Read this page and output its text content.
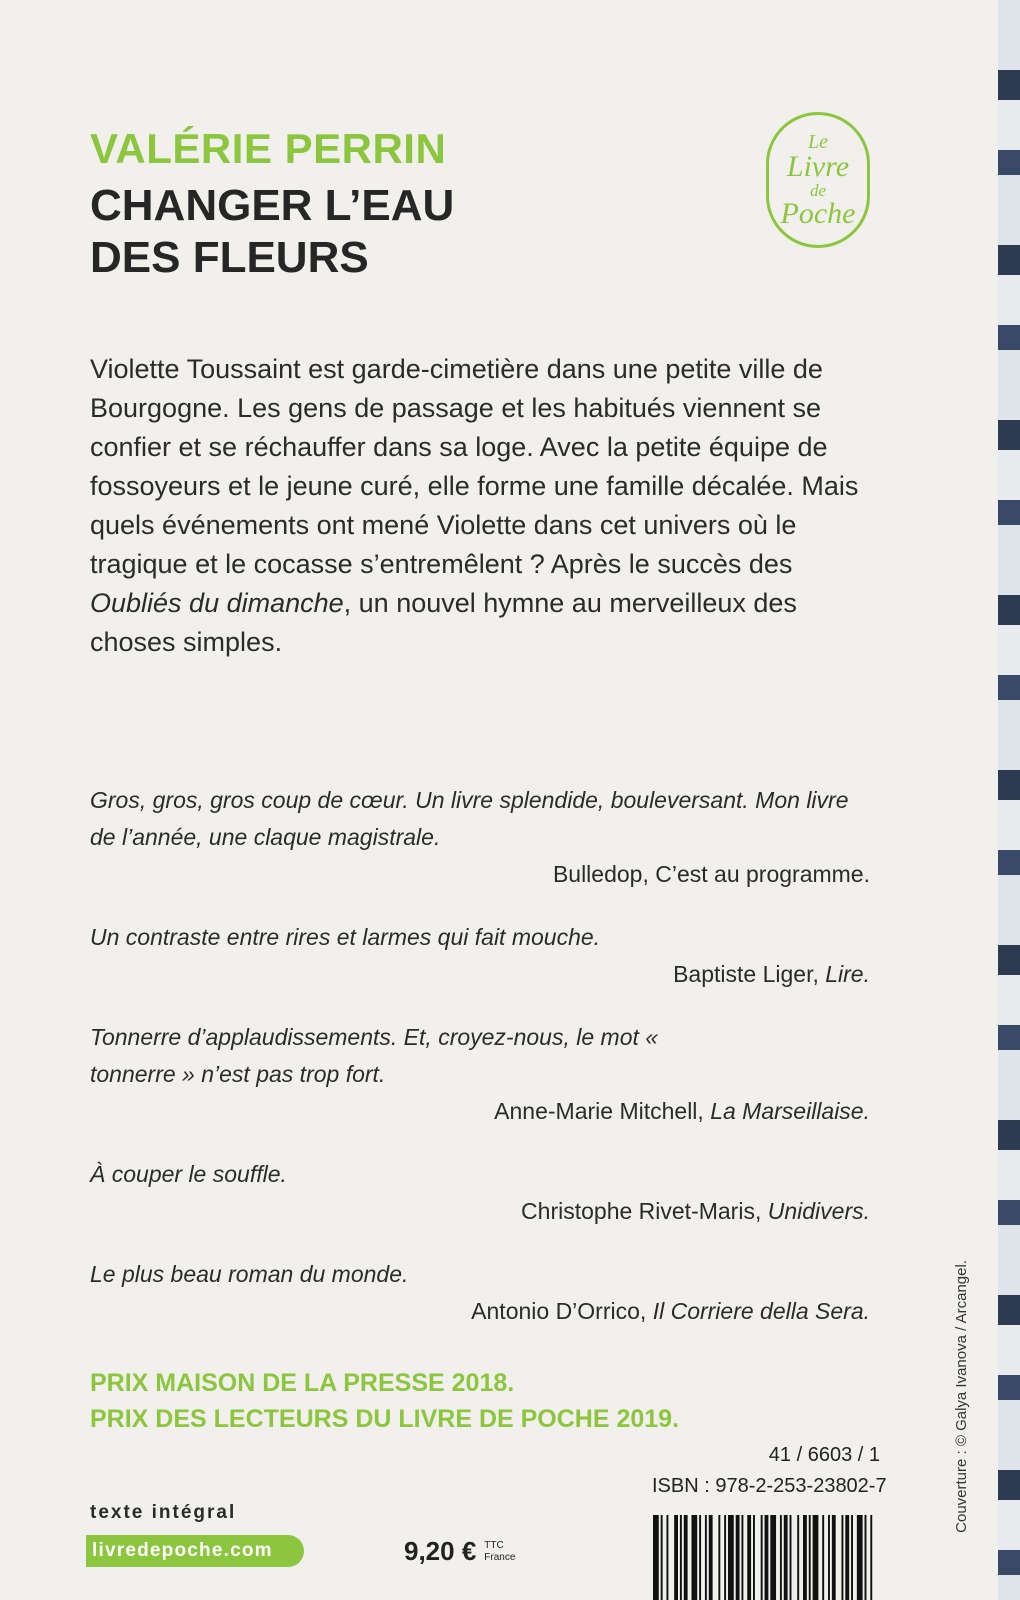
VALÉRIE PERRIN
CHANGER L’EAU DES FLEURS
Le
Livre
de
Poche

Violette Toussaint est garde-cimetière dans une petite ville de Bourgogne. Les gens de passage et les habitués viennent se confier et se réchauffer dans sa loge. Avec la petite équipe de fossoyeurs et le jeune curé, elle forme une famille décalée. Mais quels événements ont mené Violette dans cet univers où le tragique et le cocasse s’entremêlent ? Après le succès des Oubliés du dimanche, un nouvel hymne au merveilleux des choses simples.

Gros, gros, gros coup de cœur. Un livre splendide, bouleversant. Mon livre de l’année, une claque magistrale.

Bulledop, C’est au programme.

Un contraste entre rires et larmes qui fait mouche.

Baptiste Liger, Lire.

Tonnerre d’applaudissements. Et, croyez-nous, le mot « tonnerre » n’est pas trop fort.

Anne-Marie Mitchell, La Marseillaise.

À couper le souffle.

Christophe Rivet-Maris, Unidivers.

Le plus beau roman du monde.

Antonio D’Orrico, Il Corriere della Sera.

PRIX MAISON DE LA PRESSE 2018.
PRIX DES LECTEURS DU LIVRE DE POCHE 2019.	Couverture : © Galya Ivanova / Arcangel.
texte intégral
livredepoche.com	9,20 € TTC
France
41 / 6603 / 1
ISBN : 978-2-253-23802-7
